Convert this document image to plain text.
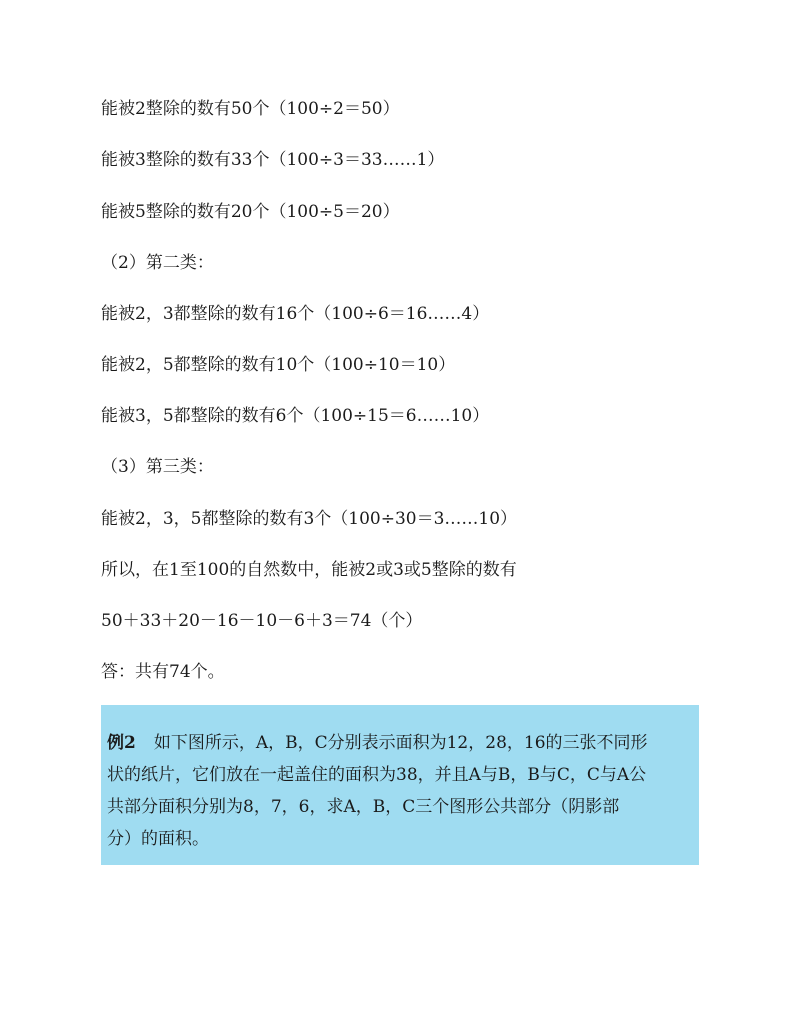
能被2整除的数有50个（100÷2＝50）
能被3整除的数有33个（100÷3＝33……1）
能被5整除的数有20个（100÷5＝20）
（2）第二类：
能被2，3都整除的数有16个（100÷6＝16……4）
能被2，5都整除的数有10个（100÷10＝10）
能被3，5都整除的数有6个（100÷15＝6……10）
（3）第三类：
能被2，3，5都整除的数有3个（100÷30＝3……10）
所以，在1至100的自然数中，能被2或3或5整除的数有
50＋33＋20－16－10－6＋3＝74（个）
答：共有74个。
例2 如下图所示，A，B，C分别表示面积为12，28，16的三张不同形
状的纸片，它们放在一起盖住的面积为38，并且A与B，B与C，C与A公
共部分面积分别为8，7，6，求A，B，C三个图形公共部分（阴影部
分）的面积。
